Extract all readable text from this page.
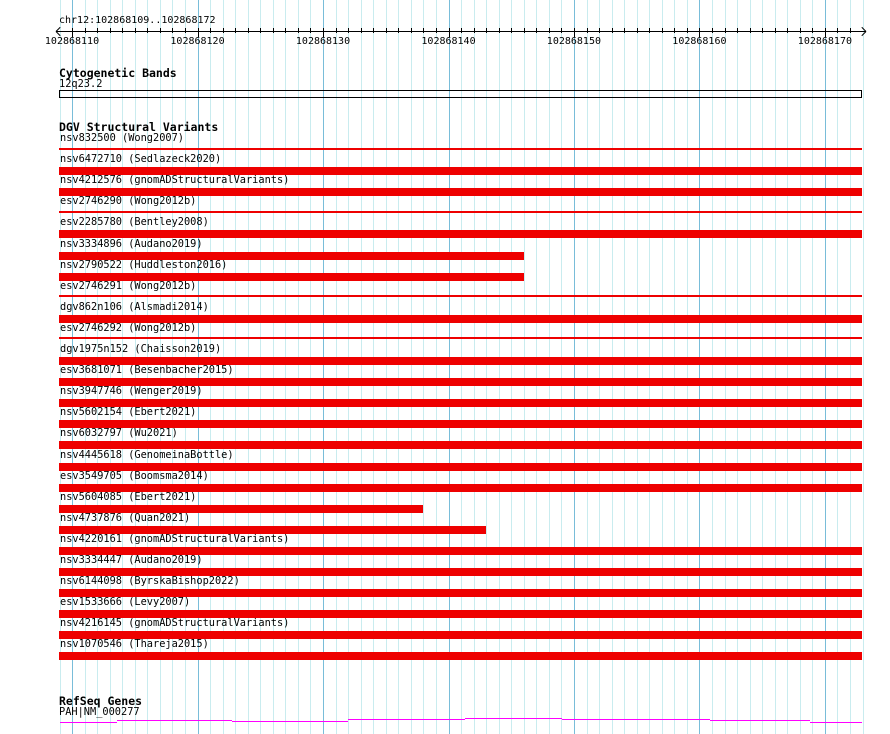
chr12:102868109..102868172
102868110	102868120	102868130	102868140	102868150	102868160	102868170
Cytogenetic Bands
12q23.2
DGV Structural Variants
nsv832500 (Wong2007)
nsv6472710 (Sedlazeck2020)
nsv4212576 (gnomADStructuralVariants)
esv2746290 (Wong2012b)
esv2285780 (Bentley2008)
nsv3334896 (Audano2019)
nsv2790522 (Huddleston2016)
esv2746291 (Wong2012b)
dgv862n106 (Alsmadi2014)
esv2746292 (Wong2012b)
dgv1975n152 (Chaisson2019)
esv3681071 (Besenbacher2015)
nsv3947746 (Wenger2019)
nsv5602154 (Ebert2021)
nsv6032797 (Wu2021)
nsv4445618 (GenomeinaBottle)
esv3549705 (Boomsma2014)
nsv5604085 (Ebert2021)
nsv4737876 (Quan2021)
nsv4220161 (gnomADStructuralVariants)
nsv3334447 (Audano2019)
nsv6144098 (ByrskaBishop2022)
esv1533666 (Levy2007)
nsv4216145 (gnomADStructuralVariants)
nsv1070546 (Thareja2015)
RefSeq Genes
PAH|NM_000277
